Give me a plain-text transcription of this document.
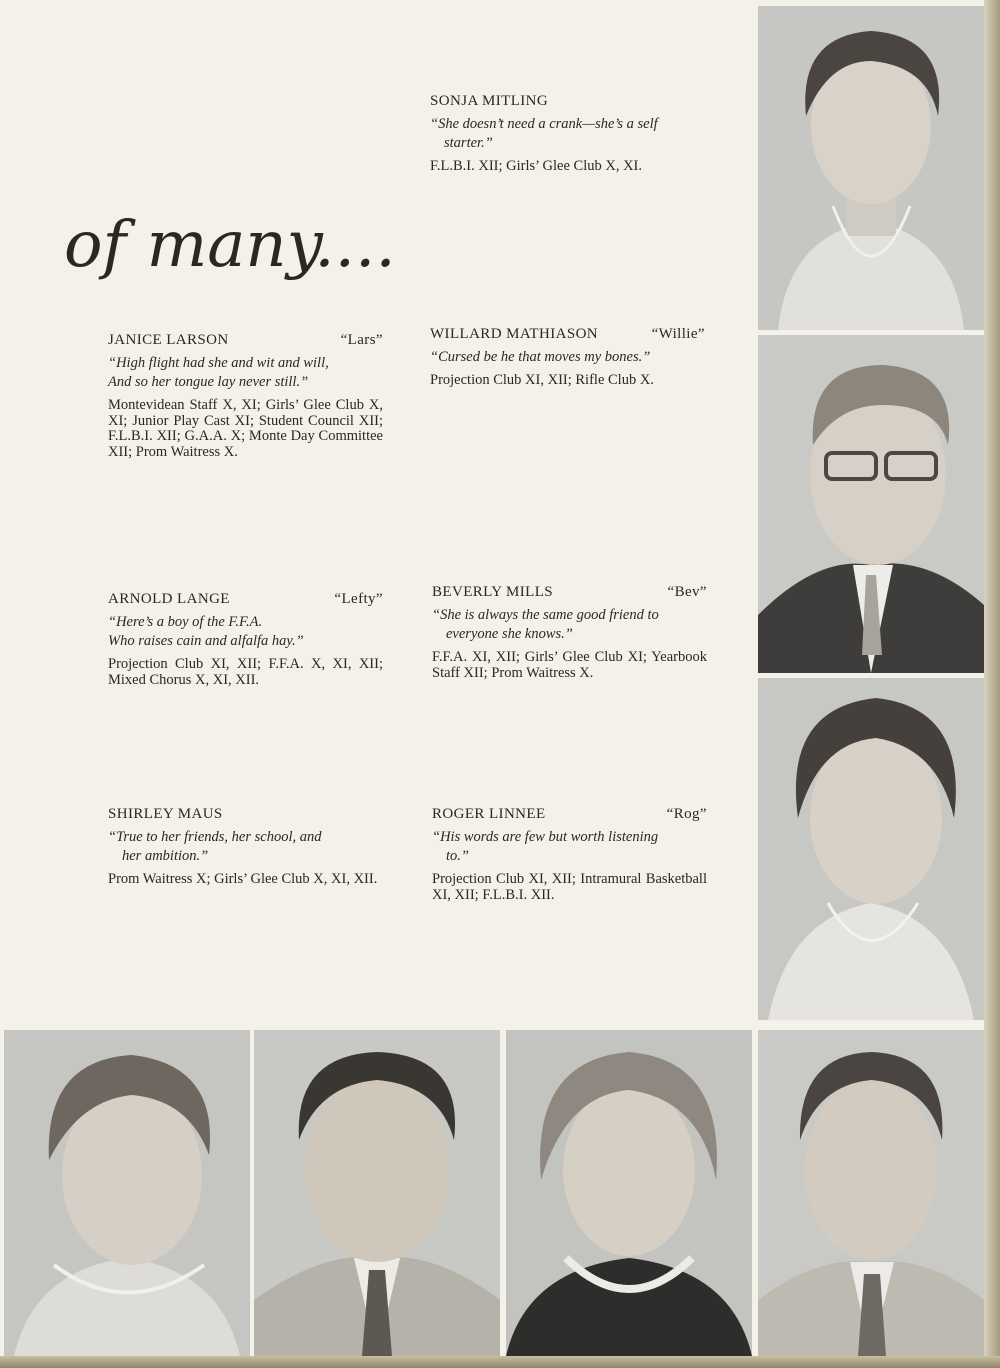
of many....
SONJA MITLING
“She doesn’t need a crank—she’s a self
starter.”
F.L.B.I. XII; Girls’ Glee Club X, XI.
JANICE LARSON	“Lars”
“High flight had she and wit and will,
And so her tongue lay never still.”
Montevidean Staff X, XI; Girls’ Glee Club X, XI; Junior Play Cast XI; Student Council XII; F.L.B.I. XII; G.A.A. X; Monte Day Committee XII; Prom Waitress X.
WILLARD MATHIASON	“Willie”
“Cursed be he that moves my bones.”
Projection Club XI, XII; Rifle Club X.
ARNOLD LANGE	“Lefty”
“Here’s a boy of the F.F.A.
Who raises cain and alfalfa hay.”
Projection Club XI, XII; F.F.A. X, XI, XII; Mixed Chorus X, XI, XII.
BEVERLY MILLS	“Bev”
“She is always the same good friend to
everyone she knows.”
F.F.A. XI, XII; Girls’ Glee Club XI; Yearbook Staff XII; Prom Waitress X.
SHIRLEY MAUS
“True to her friends, her school, and
her ambition.”
Prom Waitress X; Girls’ Glee Club X, XI, XII.
ROGER LINNEE	“Rog”
“His words are few but worth listening
to.”
Projection Club XI, XII; Intramural Basketball XI, XII; F.L.B.I. XII.
